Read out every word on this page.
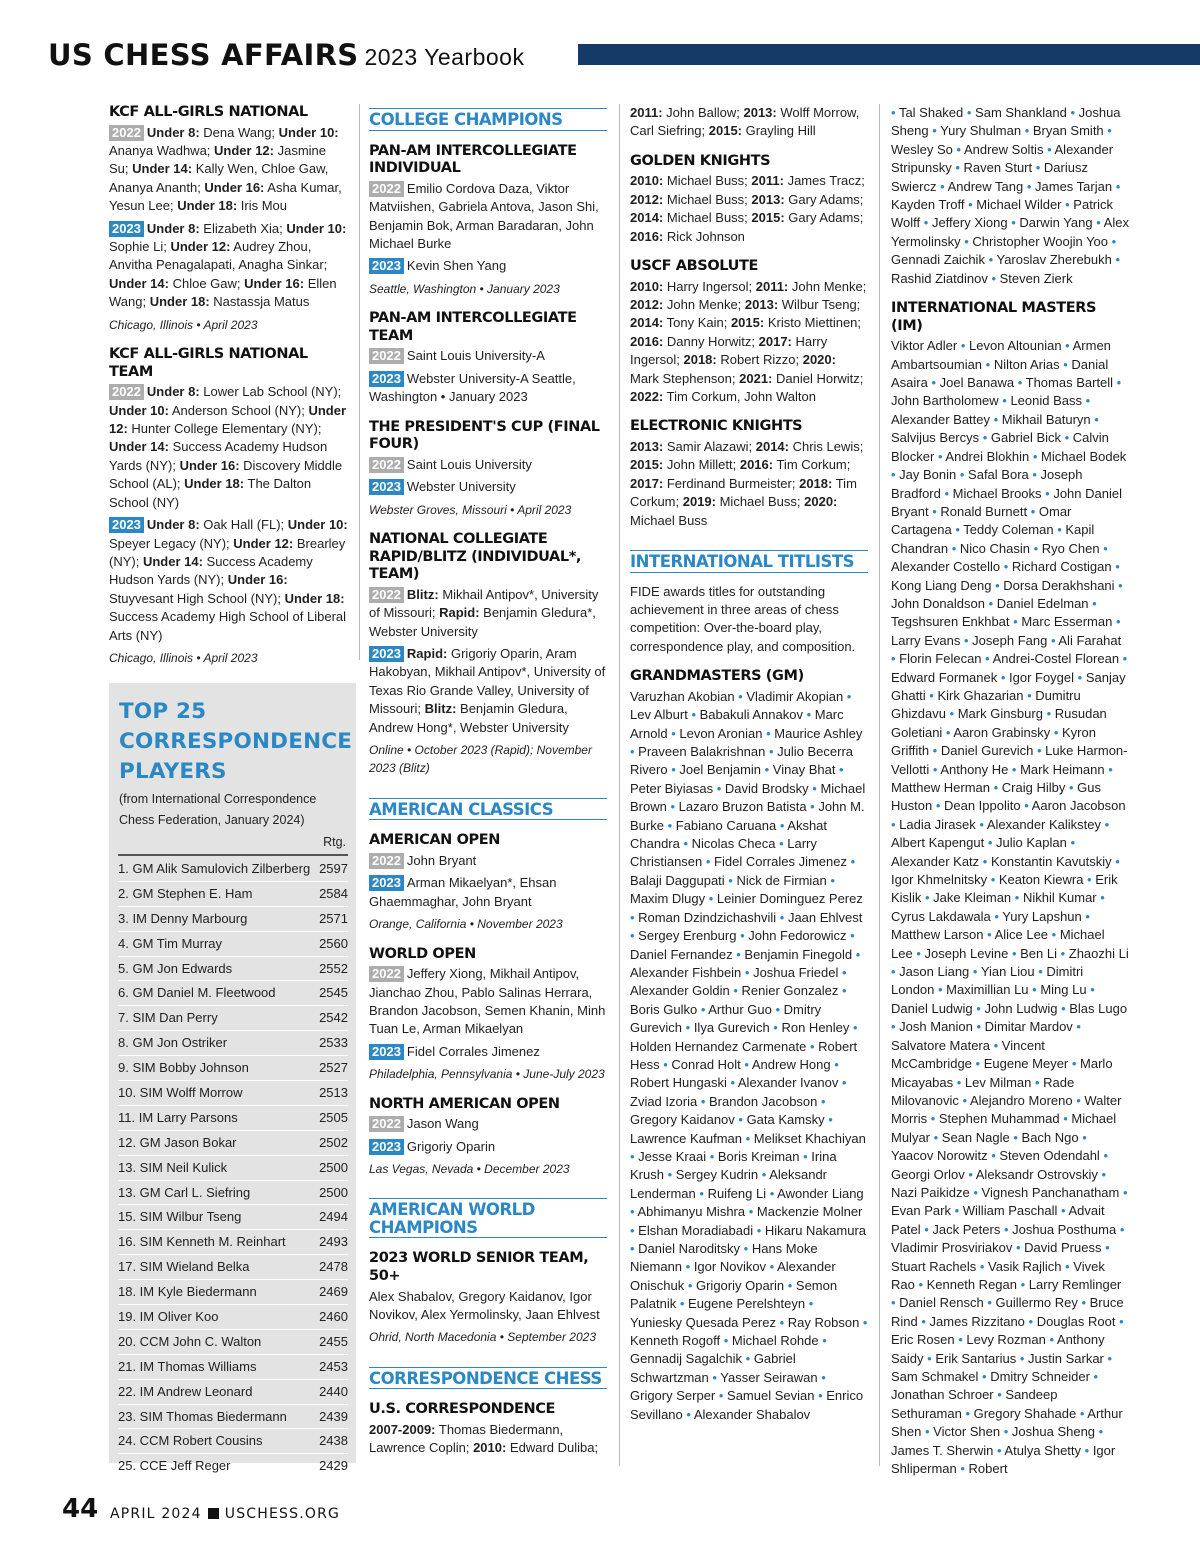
US CHESS AFFAIRS 2023 Yearbook
KCF ALL-GIRLS NATIONAL
2022 Under 8: Dena Wang; Under 10: Ananya Wadhwa; Under 12: Jasmine Su; Under 14: Kally Wen, Chloe Gaw, Ananya Ananth; Under 16: Asha Kumar, Yesun Lee; Under 18: Iris Mou
2023 Under 8: Elizabeth Xia; Under 10: Sophie Li; Under 12: Audrey Zhou, Anvitha Penagalapati, Anagha Sinkar; Under 14: Chloe Gaw; Under 16: Ellen Wang; Under 18: Nastassja Matus
Chicago, Illinois • April 2023
KCF ALL-GIRLS NATIONAL TEAM
2022 Under 8: Lower Lab School (NY); Under 10: Anderson School (NY); Under 12: Hunter College Elementary (NY); Under 14: Success Academy Hudson Yards (NY); Under 16: Discovery Middle School (AL); Under 18: The Dalton School (NY)
2023 Under 8: Oak Hall (FL); Under 10: Speyer Legacy (NY); Under 12: Brearley (NY); Under 14: Success Academy Hudson Yards (NY); Under 16: Stuyvesant High School (NY); Under 18: Success Academy High School of Liberal Arts (NY)
Chicago, Illinois • April 2023
COLLEGE CHAMPIONS
PAN-AM INTERCOLLEGIATE INDIVIDUAL
2022 Emilio Cordova Daza, Viktor Matviishen, Gabriela Antova, Jason Shi, Benjamin Bok, Arman Baradaran, John Michael Burke
2023 Kevin Shen Yang
Seattle, Washington • January 2023
PAN-AM INTERCOLLEGIATE TEAM
2022 Saint Louis University-A
2023 Webster University-A Seattle, Washington • January 2023
THE PRESIDENT'S CUP (FINAL FOUR)
2022 Saint Louis University
2023 Webster University
Webster Groves, Missouri • April 2023
NATIONAL COLLEGIATE RAPID/BLITZ (INDIVIDUAL*, TEAM)
2022 Blitz: Mikhail Antipov*, University of Missouri; Rapid: Benjamin Gledura*, Webster University
2023 Rapid: Grigoriy Oparin, Aram Hakobyan, Mikhail Antipov*, University of Texas Rio Grande Valley, University of Missouri; Blitz: Benjamin Gledura, Andrew Hong*, Webster University
Online • October 2023 (Rapid); November 2023 (Blitz)
AMERICAN CLASSICS
AMERICAN OPEN
2022 John Bryant
2023 Arman Mikaelyan*, Ehsan Ghaemmaghar, John Bryant
Orange, California • November 2023
WORLD OPEN
2022 Jeffery Xiong, Mikhail Antipov, Jianchao Zhou, Pablo Salinas Herrara, Brandon Jacobson, Semen Khanin, Minh Tuan Le, Arman Mikaelyan
2023 Fidel Corrales Jimenez
Philadelphia, Pennsylvania • June-July 2023
NORTH AMERICAN OPEN
2022 Jason Wang
2023 Grigoriy Oparin
Las Vegas, Nevada • December 2023
AMERICAN WORLD CHAMPIONS
2023 WORLD SENIOR TEAM, 50+
Alex Shabalov, Gregory Kaidanov, Igor Novikov, Alex Yermolinsky, Jaan Ehlvest
Ohrid, North Macedonia • September 2023
CORRESPONDENCE CHESS
U.S. CORRESPONDENCE
2007-2009: Thomas Biedermann, Lawrence Coplin; 2010: Edward Duliba;
2011: John Ballow; 2013: Wolff Morrow, Carl Siefring; 2015: Grayling Hill
GOLDEN KNIGHTS
2010: Michael Buss; 2011: James Tracz; 2012: Michael Buss; 2013: Gary Adams; 2014: Michael Buss; 2015: Gary Adams; 2016: Rick Johnson
USCF ABSOLUTE
2010: Harry Ingersol; 2011: John Menke; 2012: John Menke; 2013: Wilbur Tseng; 2014: Tony Kain; 2015: Kristo Miettinen; 2016: Danny Horwitz; 2017: Harry Ingersol; 2018: Robert Rizzo; 2020: Mark Stephenson; 2021: Daniel Horwitz; 2022: Tim Corkum, John Walton
ELECTRONIC KNIGHTS
2013: Samir Alazawi; 2014: Chris Lewis; 2015: John Millett; 2016: Tim Corkum; 2017: Ferdinand Burmeister; 2018: Tim Corkum; 2019: Michael Buss; 2020: Michael Buss
INTERNATIONAL TITLISTS
FIDE awards titles for outstanding achievement in three areas of chess competition: Over-the-board play, correspondence play, and composition.
GRANDMASTERS (GM)
Varuzhan Akobian • Vladimir Akopian • Lev Alburt • Babakuli Annakov • Marc Arnold • Levon Aronian • Maurice Ashley • Praveen Balakrishnan • Julio Becerra Rivero • Joel Benjamin • Vinay Bhat • Peter Biyiasas • David Brodsky • Michael Brown • Lazaro Bruzon Batista • John M. Burke • Fabiano Caruana • Akshat Chandra • Nicolas Checa • Larry Christiansen • Fidel Corrales Jimenez • Balaji Daggupati • Nick de Firmian • Maxim Dlugy • Leinier Dominguez Perez • Roman Dzindzichashvili • Jaan Ehlvest • Sergey Erenburg • John Fedorowicz • Daniel Fernandez • Benjamin Finegold • Alexander Fishbein • Joshua Friedel • Alexander Goldin • Renier Gonzalez • Boris Gulko • Arthur Guo • Dmitry Gurevich • Ilya Gurevich • Ron Henley • Holden Hernandez Carmenate • Robert Hess • Conrad Holt • Andrew Hong • Robert Hungaski • Alexander Ivanov • Zviad Izoria • Brandon Jacobson • Gregory Kaidanov • Gata Kamsky • Lawrence Kaufman • Melikset Khachiyan • Jesse Kraai • Boris Kreiman • Irina Krush • Sergey Kudrin • Aleksandr Lenderman • Ruifeng Li • Awonder Liang • Abhimanyu Mishra • Mackenzie Molner • Elshan Moradiabadi • Hikaru Nakamura • Daniel Naroditsky • Hans Moke Niemann • Igor Novikov • Alexander Onischuk • Grigoriy Oparin • Semon Palatnik • Eugene Perelshteyn • Yuniesky Quesada Perez • Ray Robson • Kenneth Rogoff • Michael Rohde • Gennadij Sagalchik • Gabriel Schwartzman • Yasser Seirawan • Grigory Serper • Samuel Sevian • Enrico Sevillano • Alexander Shabalov
• Tal Shaked • Sam Shankland • Joshua Sheng • Yury Shulman • Bryan Smith • Wesley So • Andrew Soltis • Alexander Stripunsky • Raven Sturt • Dariusz Swiercz • Andrew Tang • James Tarjan • Kayden Troff • Michael Wilder • Patrick Wolff • Jeffery Xiong • Darwin Yang • Alex Yermolinsky • Christopher Woojin Yoo • Gennadi Zaichik • Yaroslav Zherebukh • Rashid Ziatdinov • Steven Zierk
INTERNATIONAL MASTERS (IM)
Viktor Adler • Levon Altounian • Armen Ambartsoumian • Nilton Arias • Danial Asaira • Joel Banawa • Thomas Bartell • John Bartholomew • Leonid Bass • Alexander Battey • Mikhail Baturyn • Salvijus Bercys • Gabriel Bick • Calvin Blocker • Andrei Blokhin • Michael Bodek • Jay Bonin • Safal Bora • Joseph Bradford • Michael Brooks • John Daniel Bryant • Ronald Burnett • Omar Cartagena • Teddy Coleman • Kapil Chandran • Nico Chasin • Ryo Chen • Alexander Costello • Richard Costigan • Kong Liang Deng • Dorsa Derakhshani • John Donaldson • Daniel Edelman • Tegshsuren Enkhbat • Marc Esserman • Larry Evans • Joseph Fang • Ali Farahat • Florin Felecan • Andrei-Costel Florean • Edward Formanek • Igor Foygel • Sanjay Ghatti • Kirk Ghazarian • Dumitru Ghizdavu • Mark Ginsburg • Rusudan Goletiani • Aaron Grabinsky • Kyron Griffith • Daniel Gurevich • Luke Harmon-Vellotti • Anthony He • Mark Heimann • Matthew Herman • Craig Hilby • Gus Huston • Dean Ippolito • Aaron Jacobson • Ladia Jirasek • Alexander Kalikstey • Albert Kapengut • Julio Kaplan • Alexander Katz • Konstantin Kavutskiy • Igor Khmelnitsky • Keaton Kiewra • Erik Kislik • Jake Kleiman • Nikhil Kumar • Cyrus Lakdawala • Yury Lapshun • Matthew Larson • Alice Lee • Michael Lee • Joseph Levine • Ben Li • Zhaozhi Li • Jason Liang • Yian Liou • Dimitri London • Maximillian Lu • Ming Lu • Daniel Ludwig • John Ludwig • Blas Lugo • Josh Manion • Dimitar Mardov • Salvatore Matera • Vincent McCambridge • Eugene Meyer • Marlo Micayabas • Lev Milman • Rade Milovanovic • Alejandro Moreno • Walter Morris • Stephen Muhammad • Michael Mulyar • Sean Nagle • Bach Ngo • Yaacov Norowitz • Steven Odendahl • Georgi Orlov • Aleksandr Ostrovskiy • Nazi Paikidze • Vignesh Panchanatham • Evan Park • William Paschall • Advait Patel • Jack Peters • Joshua Posthuma • Vladimir Prosviriakov • David Pruess • Stuart Rachels • Vasik Rajlich • Vivek Rao • Kenneth Regan • Larry Remlinger • Daniel Rensch • Guillermo Rey • Bruce Rind • James Rizzitano • Douglas Root • Eric Rosen • Levy Rozman • Anthony Saidy • Erik Santarius • Justin Sarkar • Sam Schmakel • Dmitry Schneider • Jonathan Schroer • Sandeep Sethuraman • Gregory Shahade • Arthur Shen • Victor Shen • Joshua Sheng • James T. Sherwin • Atulya Shetty • Igor Shliperman • Robert
TOP 25 CORRESPONDENCE PLAYERS
(from International Correspondence Chess Federation, January 2024)
Rtg.
1. GM Alik Samulovich Zilberberg 2597
2. GM Stephen E. Ham	2584
3. IM Denny Marbourg	2571
4. GM Tim Murray	2560
5. GM Jon Edwards	2552
6. GM Daniel M. Fleetwood	2545
7. SIM Dan Perry	2542
8. GM Jon Ostriker	2533
9. SIM Bobby Johnson	2527
10. SIM Wolff Morrow	2513
11. IM Larry Parsons	2505
12. GM Jason Bokar	2502
13. SIM Neil Kulick	2500
13. GM Carl L. Siefring	2500
15. SIM Wilbur Tseng	2494
16. SIM Kenneth M. Reinhart	2493
17. SIM Wieland Belka	2478
18. IM Kyle Biedermann	2469
19. IM Oliver Koo	2460
20. CCM John C. Walton	2455
21. IM Thomas Williams	2453
22. IM Andrew Leonard	2440
23. SIM Thomas Biedermann 2439
24. CCM Robert Cousins	2438
25. CCE Jeff Reger	2429
44 APRIL 2024 USCHESS.ORG
